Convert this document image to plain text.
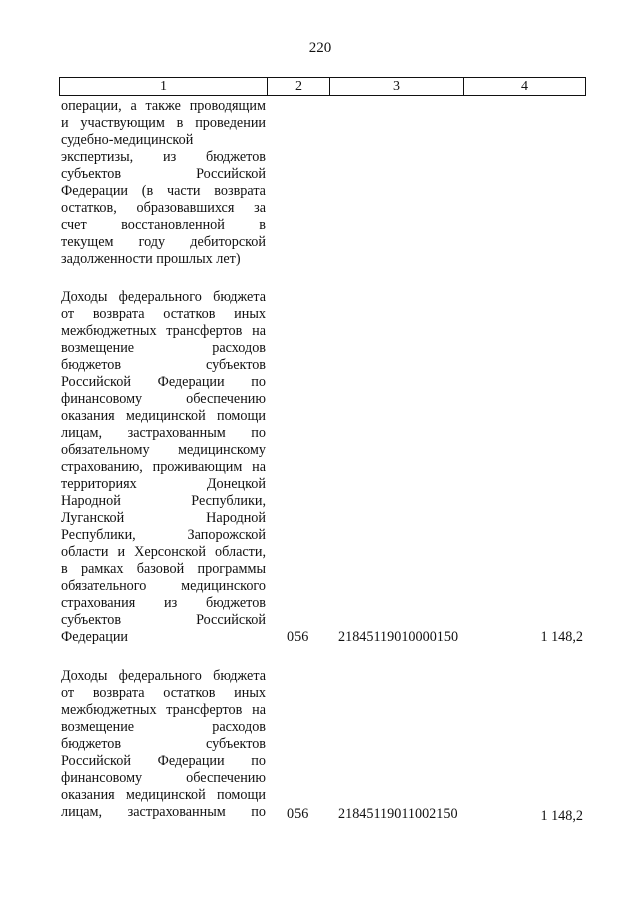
220
1	2	3	4
операции, а также проводящим
и участвующим в проведении
судебно-медицинской
экспертизы, из бюджетов
субъектов Российской
Федерации (в части возврата
остатков, образовавшихся за
счет восстановленной в
текущем году дебиторской
задолженности прошлых лет)
Доходы федерального бюджета
от возврата остатков иных
межбюджетных трансфертов на
возмещение расходов
бюджетов субъектов
Российской Федерации по
финансовому обеспечению
оказания медицинской помощи
лицам, застрахованным по
обязательному медицинскому
страхованию, проживающим на
территориях Донецкой
Народной Республики,
Луганской Народной
Республики, Запорожской
области и Херсонской области,
в рамках базовой программы
обязательного медицинского
страхования из бюджетов
субъектов Российской
Федерации	056 21845119010000150	1 148,2
Доходы федерального бюджета
от возврата остатков иных
межбюджетных трансфертов на
возмещение расходов
бюджетов субъектов
Российской Федерации по
финансовому обеспечению
оказания медицинской помощи
лицам, застрахованным по 056 21845119011002150	1 148,2
